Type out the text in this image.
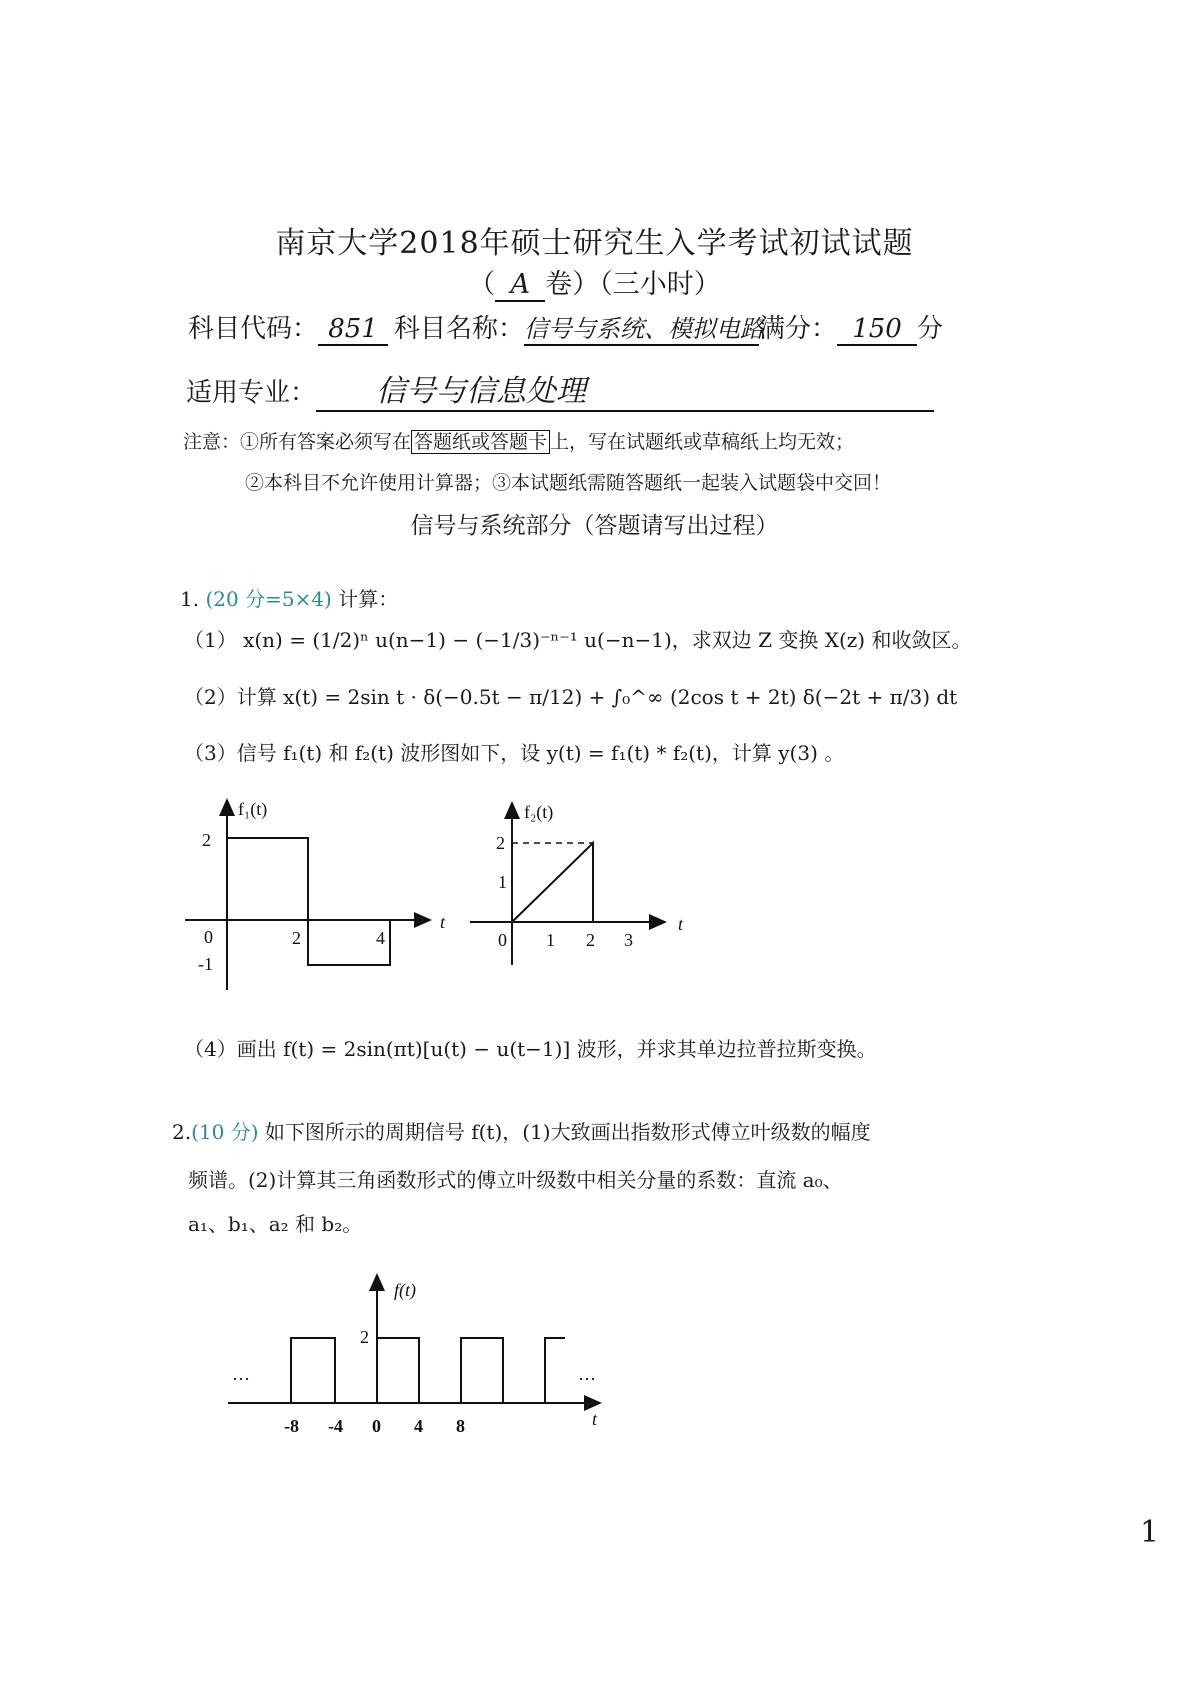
南京大学2018年硕士研究生入学考试初试试题
（ A 卷）（三小时）
科目代码： 851 科目名称：信号与系统、模拟电路满分： 150 分
适用专业： 信号与信息处理
注意：①所有答案必须写在 答题纸或答题卡 上，写在试题纸或草稿纸上均无效；
②本科目不允许使用计算器；③本试题纸需随答题纸一起装入试题袋中交回！
信号与系统部分（答题请写出过程）
1. (20 分=5×4) 计算：
（1） x(n) = (1/2)ⁿ u(n−1) − (−1/3)⁻ⁿ⁻¹ u(−n−1)，求双边 Z 变换 X(z) 和收敛区。
（2）计算 x(t) = 2sin t · δ(−0.5t − π/12) + ∫₀^∞ (2cos t + 2t) δ(−2t + π/3) dt
（3）信号 f₁(t) 和 f₂(t) 波形图如下，设 y(t) = f₁(t) * f₂(t)，计算 y(3) 。
（4）画出 f(t) = 2sin(πt)[u(t) − u(t−1)] 波形，并求其单边拉普拉斯变换。
2.(10 分) 如下图所示的周期信号 f(t)，(1)大致画出指数形式傅立叶级数的幅度
频谱。(2)计算其三角函数形式的傅立叶级数中相关分量的系数：直流 a₀、
a₁、b₁、a₂ 和 b₂。
f₁(t)
t
2
0
-1
2	4
f₂(t)
t
2
1
0 1 2 3
f(t)
t
2
…	…
-8 -4 0 4 8
1
